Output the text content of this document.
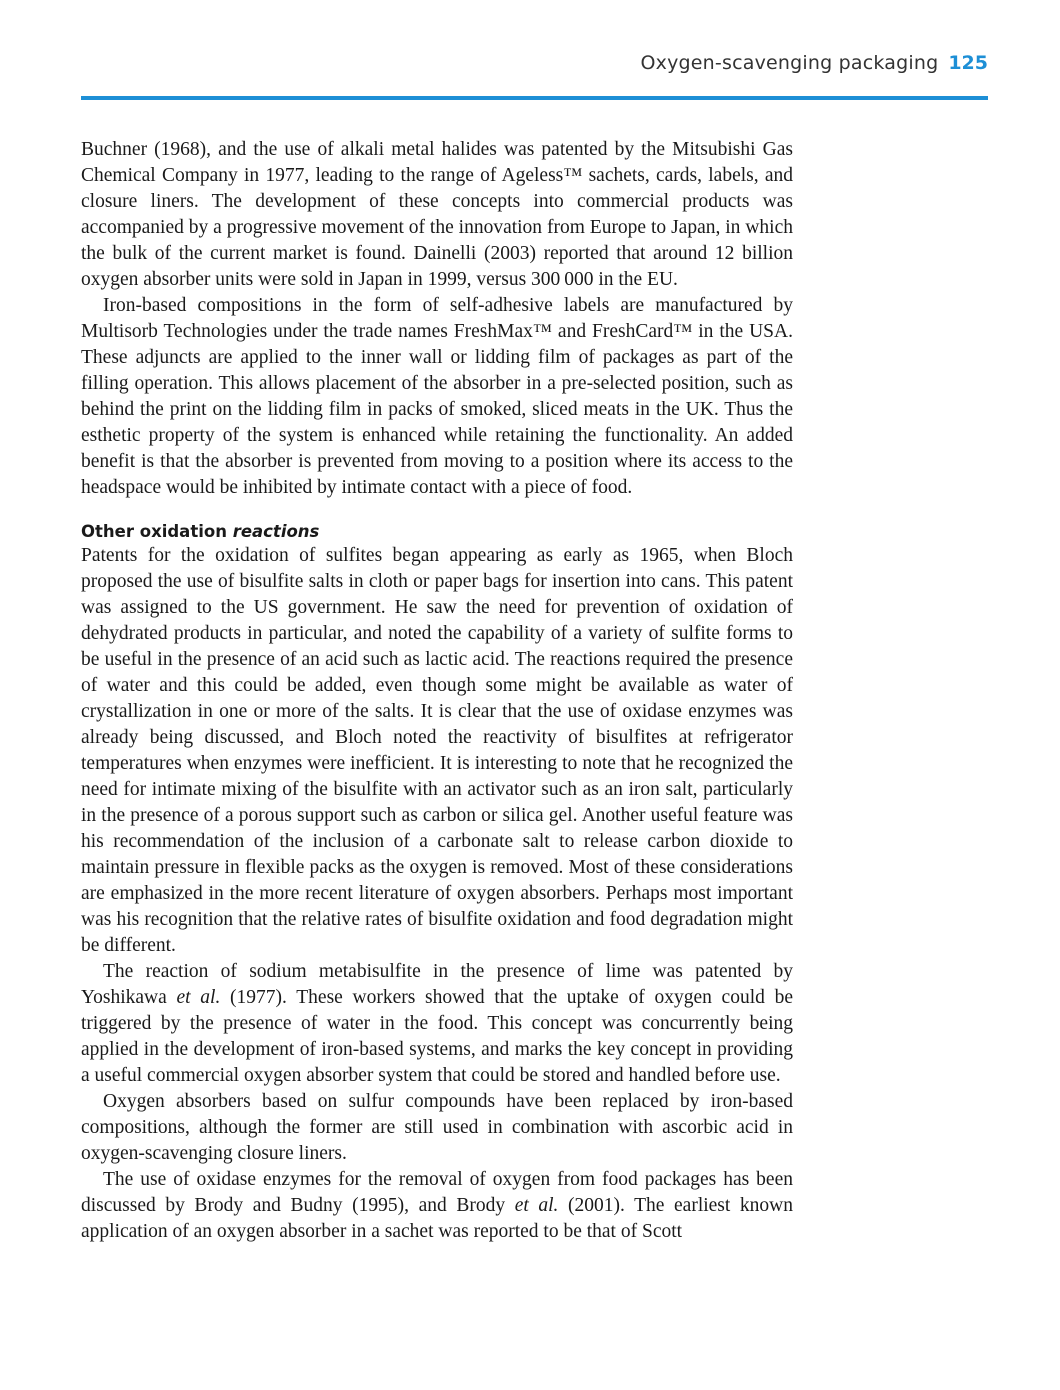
Oxygen-scavenging packaging 125

Buchner (1968), and the use of alkali metal halides was patented by the Mitsubishi Gas Chemical Company in 1977, leading to the range of Ageless™ sachets, cards, labels, and closure liners. The development of these concepts into commercial products was accompanied by a progressive movement of the innovation from Europe to Japan, in which the bulk of the current market is found. Dainelli (2003) reported that around 12 billion oxygen absorber units were sold in Japan in 1999, versus 300 000 in the EU.

Iron-based compositions in the form of self-adhesive labels are manufactured by Multisorb Technologies under the trade names FreshMax™ and FreshCard™ in the USA. These adjuncts are applied to the inner wall or lidding film of packages as part of the filling operation. This allows placement of the absorber in a pre-selected position, such as behind the print on the lidding film in packs of smoked, sliced meats in the UK. Thus the esthetic property of the system is enhanced while retaining the functionality. An added benefit is that the absorber is prevented from moving to a position where its access to the headspace would be inhibited by intimate contact with a piece of food.

Other oxidation reactions

Patents for the oxidation of sulfites began appearing as early as 1965, when Bloch proposed the use of bisulfite salts in cloth or paper bags for insertion into cans. This patent was assigned to the US government. He saw the need for prevention of oxidation of dehydrated products in particular, and noted the capability of a variety of sulfite forms to be useful in the presence of an acid such as lactic acid. The reactions required the presence of water and this could be added, even though some might be available as water of crystallization in one or more of the salts. It is clear that the use of oxidase enzymes was already being discussed, and Bloch noted the reactivity of bisulfites at refrigerator temperatures when enzymes were inefficient. It is interesting to note that he recognized the need for intimate mixing of the bisulfite with an activator such as an iron salt, particularly in the presence of a porous support such as carbon or silica gel. Another useful feature was his recommendation of the inclusion of a carbonate salt to release carbon dioxide to maintain pressure in flexible packs as the oxygen is removed. Most of these considerations are emphasized in the more recent literature of oxygen absorbers. Perhaps most important was his recognition that the relative rates of bisulfite oxidation and food degradation might be different.

The reaction of sodium metabisulfite in the presence of lime was patented by Yoshikawa et al. (1977). These workers showed that the uptake of oxygen could be triggered by the presence of water in the food. This concept was concurrently being applied in the development of iron-based systems, and marks the key concept in providing a useful commercial oxygen absorber system that could be stored and handled before use.

Oxygen absorbers based on sulfur compounds have been replaced by iron-based compositions, although the former are still used in combination with ascorbic acid in oxygen-scavenging closure liners.

The use of oxidase enzymes for the removal of oxygen from food packages has been discussed by Brody and Budny (1995), and Brody et al. (2001). The earliest known application of an oxygen absorber in a sachet was reported to be that of Scott
